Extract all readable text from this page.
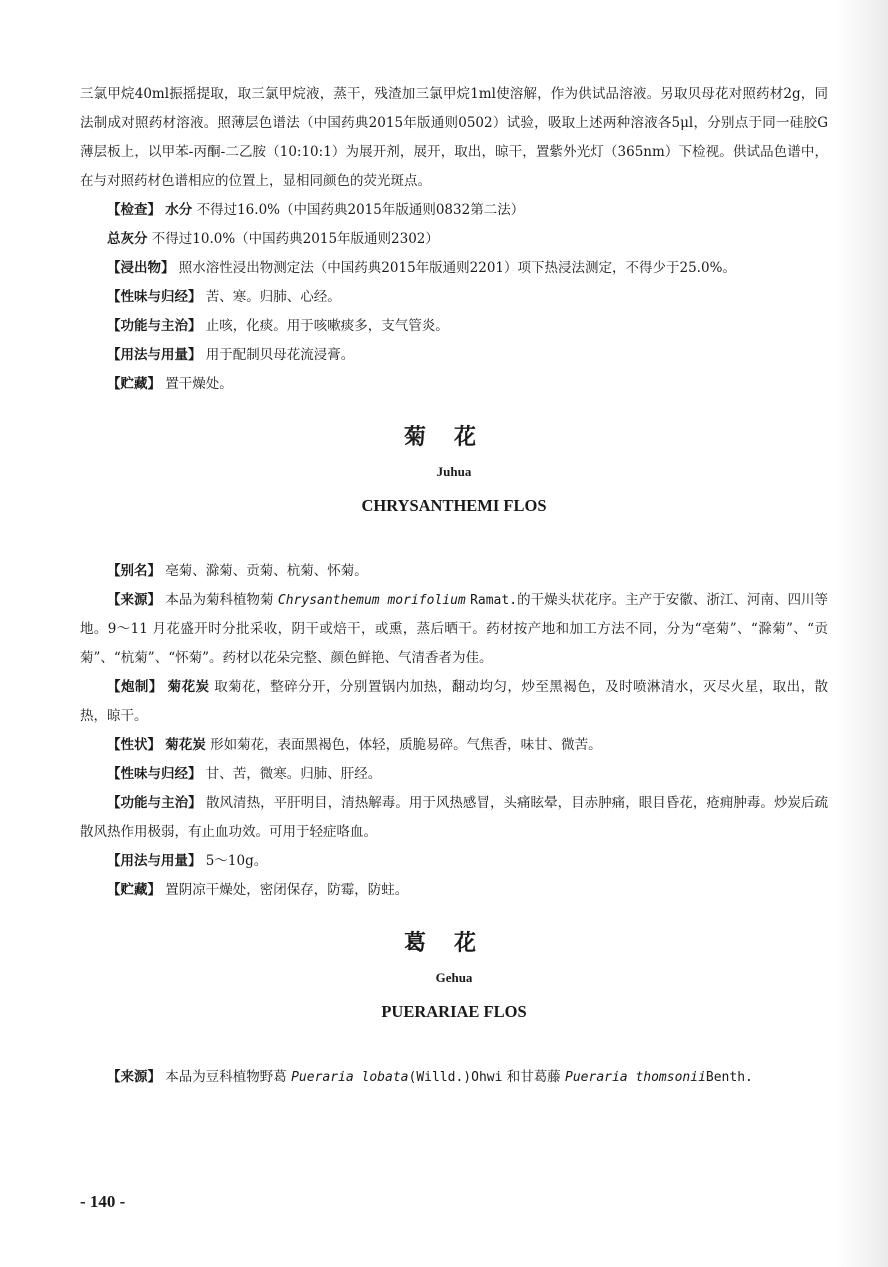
三氯甲烷40ml振摇提取，取三氯甲烷液，蒸干，残渣加三氯甲烷1ml使溶解，作为供试品溶液。另取贝母花对照药材2g，同法制成对照药材溶液。照薄层色谱法（中国药典2015年版通则0502）试验，吸取上述两种溶液各5μl，分别点于同一硅胶G薄层板上，以甲苯-丙酮-二乙胺（10:10:1）为展开剂，展开，取出，晾干，置紫外光灯（365nm）下检视。供试品色谱中，在与对照药材色谱相应的位置上，显相同颜色的荧光斑点。

【检查】 水分 不得过16.0%（中国药典2015年版通则0832第二法）

总灰分 不得过10.0%（中国药典2015年版通则2302）

【浸出物】 照水溶性浸出物测定法（中国药典2015年版通则2201）项下热浸法测定，不得少于25.0%。

【性味与归经】 苦、寒。归肺、心经。

【功能与主治】 止咳，化痰。用于咳嗽痰多，支气管炎。

【用法与用量】 用于配制贝母花流浸膏。

【贮藏】 置干燥处。

菊花
Juhua
CHRYSANTHEMI FLOS

【别名】 亳菊、滁菊、贡菊、杭菊、怀菊。

【来源】 本品为菊科植物菊 Chrysanthemum morifolium Ramat.的干燥头状花序。主产于安徽、浙江、河南、四川等地。9～11 月花盛开时分批采收，阴干或焙干，或熏，蒸后晒干。药材按产地和加工方法不同，分为“亳菊”、“滁菊”、“贡菊”、“杭菊”、“怀菊”。药材以花朵完整、颜色鲜艳、气清香者为佳。

【炮制】 菊花炭 取菊花，整碎分开，分别置锅内加热，翻动均匀，炒至黑褐色，及时喷淋清水，灭尽火星，取出，散热，晾干。

【性状】 菊花炭 形如菊花，表面黑褐色，体轻，质脆易碎。气焦香，味甘、微苦。

【性味与归经】 甘、苦，微寒。归肺、肝经。

【功能与主治】 散风清热，平肝明目，清热解毒。用于风热感冒，头痛眩晕，目赤肿痛，眼目昏花，疮痈肿毒。炒炭后疏散风热作用极弱，有止血功效。可用于轻症咯血。

【用法与用量】 5～10g。

【贮藏】 置阴凉干燥处，密闭保存，防霉，防蛀。

葛花
Gehua
PUERARIAE FLOS

【来源】 本品为豆科植物野葛 Pueraria lobata(Willd.)Ohwi 和甘葛藤 Pueraria thomsoniiBenth.

- 140 -
